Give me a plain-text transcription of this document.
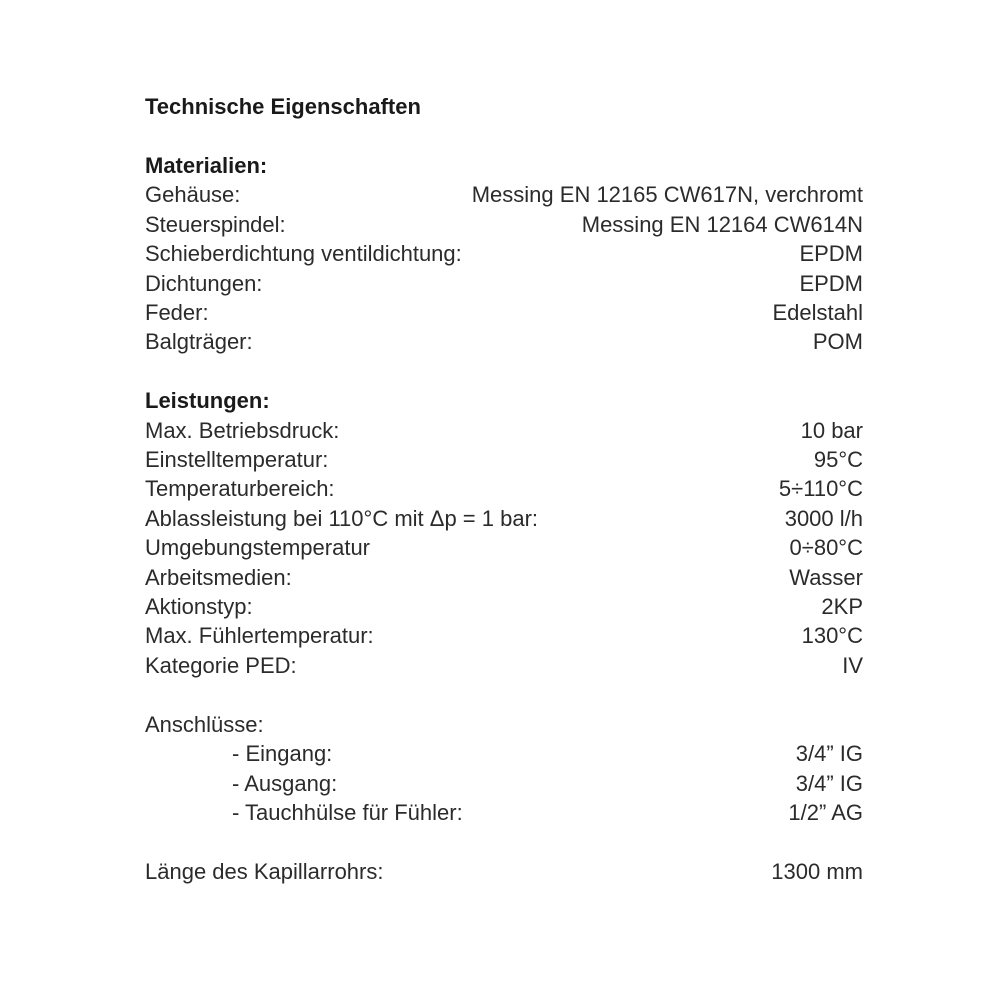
Technische Eigenschaften
Materialien:
Gehäuse:	Messing EN 12165 CW617N, verchromt
Steuerspindel:	Messing EN 12164 CW614N
Schieberdichtung ventildichtung:	EPDM
Dichtungen:	EPDM
Feder:	Edelstahl
Balgträger:	POM
Leistungen:
Max. Betriebsdruck:	10 bar
Einstelltemperatur:	95°C
Temperaturbereich:	5÷110°C
Ablassleistung bei 110°C mit Δp = 1 bar:	3000 l/h
Umgebungstemperatur	0÷80°C
Arbeitsmedien:	Wasser
Aktionstyp:	2KP
Max. Fühlertemperatur:	130°C
Kategorie PED:	IV
Anschlüsse:
- Eingang:	3/4” IG
- Ausgang:	3/4” IG
- Tauchhülse für Fühler:	1/2” AG
Länge des Kapillarrohrs:	1300 mm
